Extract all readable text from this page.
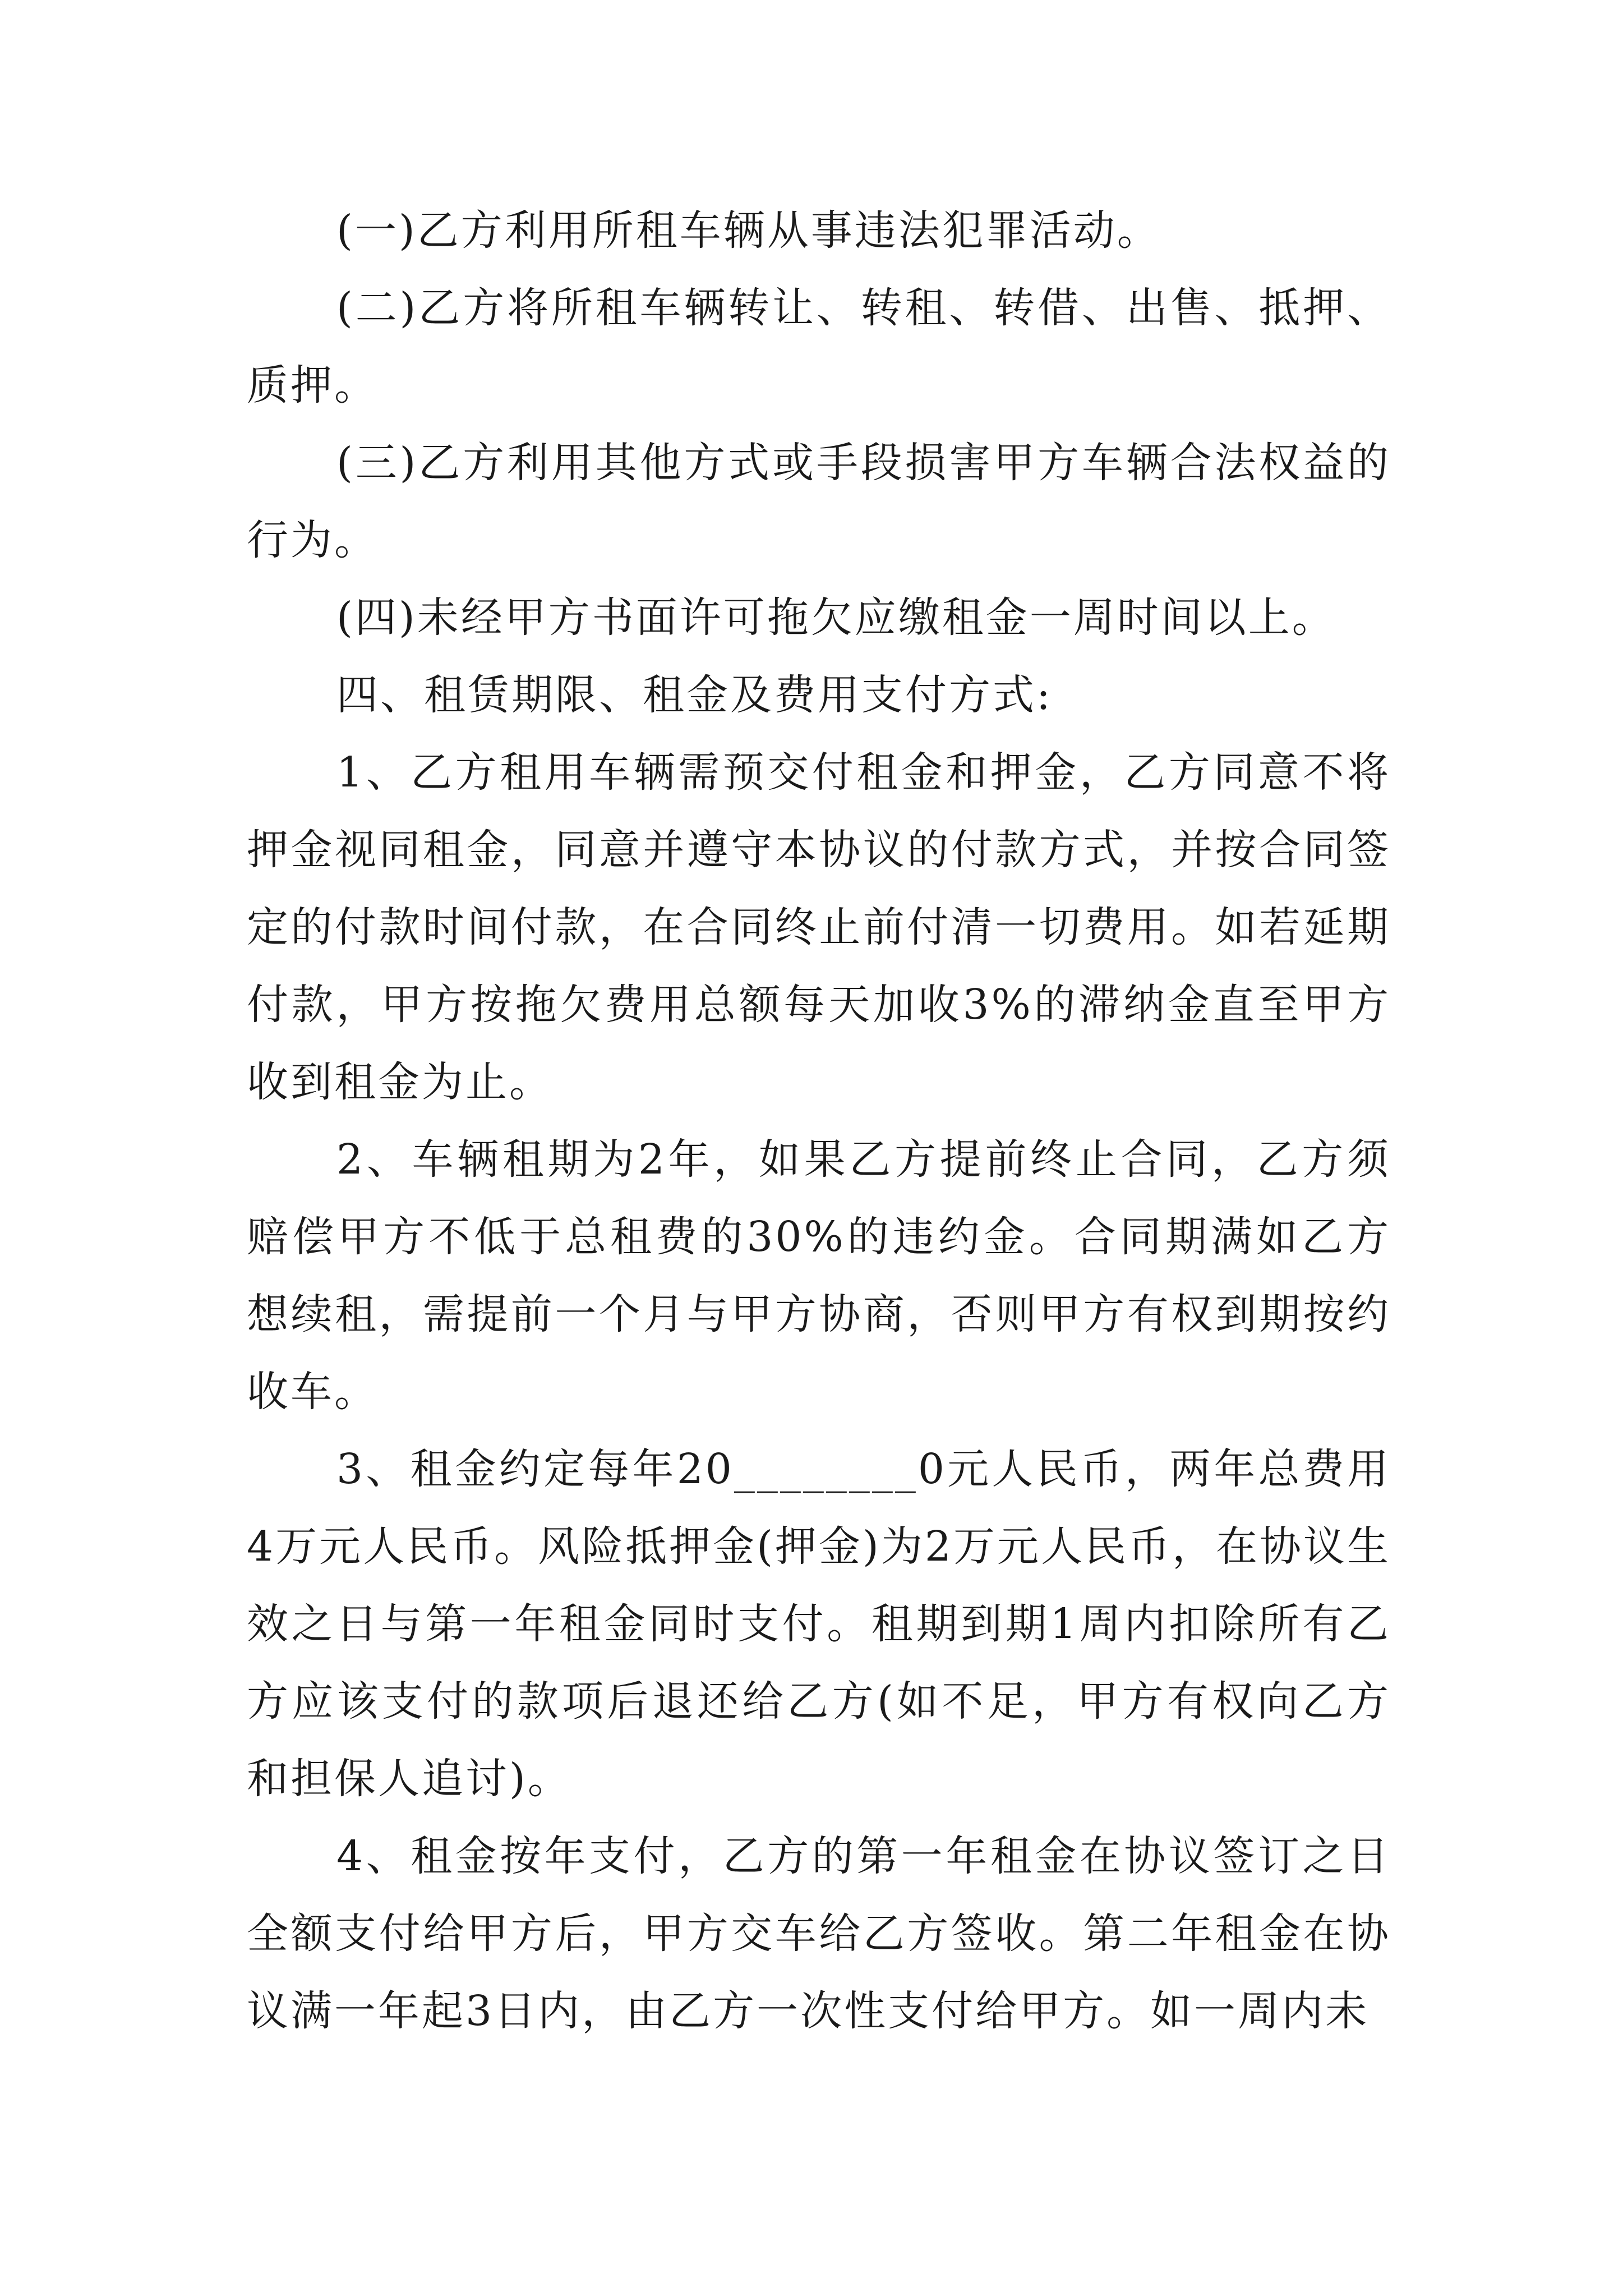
(一)乙方利用所租车辆从事违法犯罪活动。

(二)乙方将所租车辆转让、转租、转借、出售、抵押、质押。

(三)乙方利用其他方式或手段损害甲方车辆合法权益的行为。

(四)未经甲方书面许可拖欠应缴租金一周时间以上。

四、租赁期限、租金及费用支付方式:

1、乙方租用车辆需预交付租金和押金，乙方同意不将押金视同租金，同意并遵守本协议的付款方式，并按合同签定的付款时间付款，在合同终止前付清一切费用。如若延期付款，甲方按拖欠费用总额每天加收3%的滞纳金直至甲方收到租金为止。

2、车辆租期为2年，如果乙方提前终止合同，乙方须赔偿甲方不低于总租费的30%的违约金。合同期满如乙方想续租，需提前一个月与甲方协商，否则甲方有权到期按约收车。

3、租金约定每年20________0元人民币，两年总费用4万元人民币。风险抵押金(押金)为2万元人民币，在协议生效之日与第一年租金同时支付。租期到期1周内扣除所有乙方应该支付的款项后退还给乙方(如不足，甲方有权向乙方和担保人追讨)。

4、租金按年支付，乙方的第一年租金在协议签订之日全额支付给甲方后，甲方交车给乙方签收。第二年租金在协议满一年起3日内，由乙方一次性支付给甲方。如一周内未
